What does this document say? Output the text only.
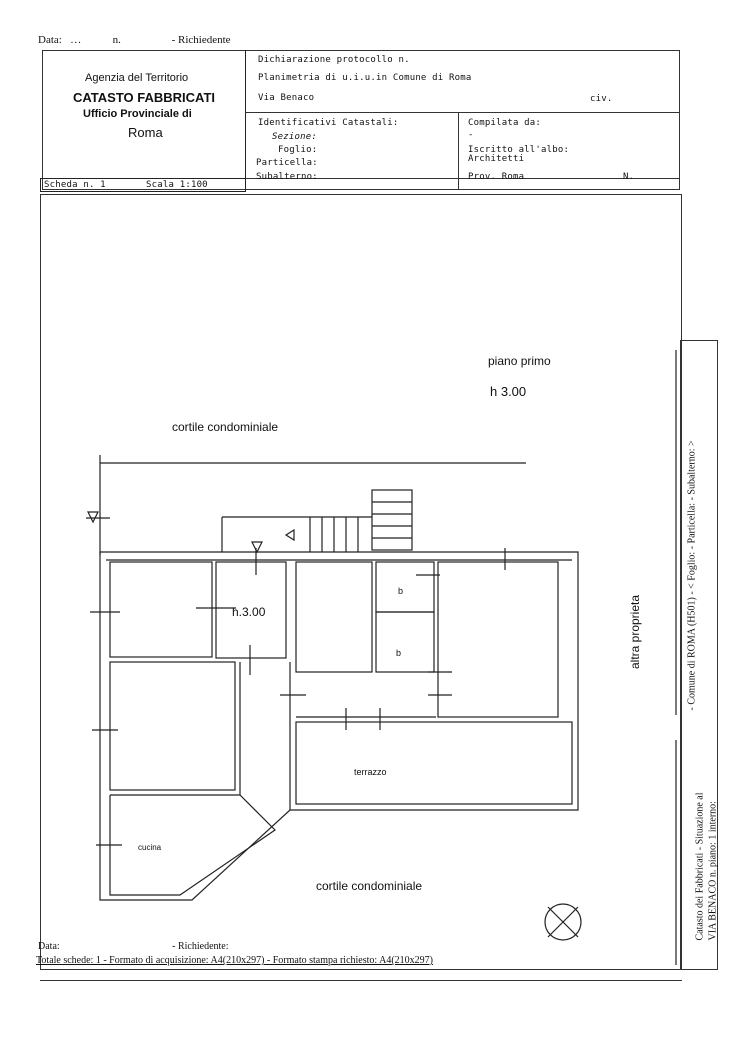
Data: ...	n.	- Richiedente
Agenzia del Territorio
CATASTO FABBRICATI
Ufficio Provinciale di
Roma
Dichiarazione protocollo n.
Planimetria di u.i.u.in Comune di Roma
Via Benaco	civ.
Identificativi Catastali:
Sezione:
Foglio:
Particella:
Subalterno:
Compilata da:
-
Iscritto all'albo:
Architetti
Prov. Roma	N.
Scheda n. 1	Scala 1:100
piano primo
h 3.00
cortile condominiale
h.3.00
b
b	altra proprieta
terrazzo
cucina
cortile condominiale
- Comune di ROMA (H501) - < Foglio: - Particella: - Subalterno: >
Catasto dei Fabbricati - Situazione al VIA BENACO n. piano: 1 interno:
Data:	- Richiedente:
Totale schede: 1 - Formato di acquisizione: A4(210x297) - Formato stampa richiesto: A4(210x297)
